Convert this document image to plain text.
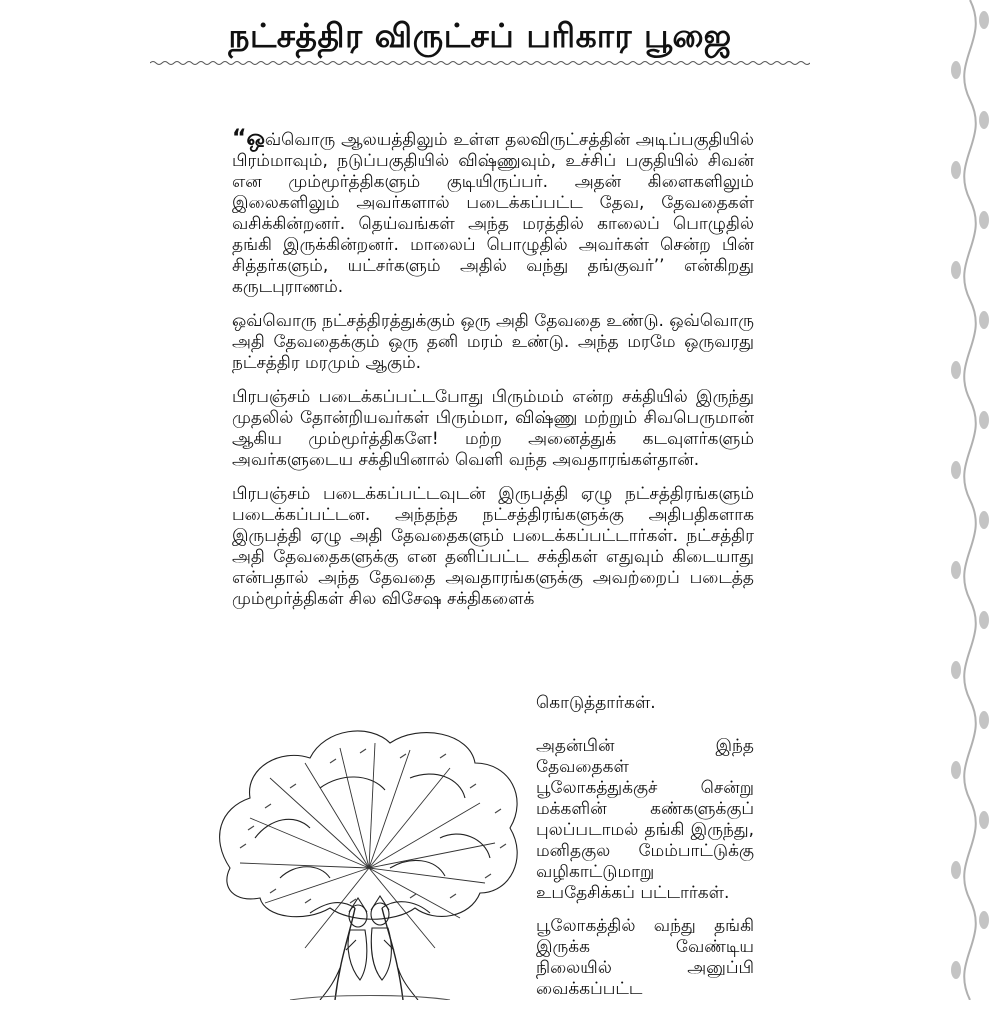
நட்சத்திர விருட்சப் பரிகார பூஜை

“ஒவ்வொரு ஆலயத்திலும் உள்ள தலவிருட்சத்தின் அடிப்பகுதியில் பிரம்மாவும், நடுப்பகுதியில் விஷ்ணுவும், உச்சிப் பகுதியில் சிவன் என மும்மூர்த்திகளும் குடியிருப்பர். அதன் கிளைகளிலும் இலைகளிலும் அவர்களால் படைக்கப்பட்ட தேவ, தேவதைகள் வசிக்கின்றனர். தெய்வங்கள் அந்த மரத்தில் காலைப் பொழுதில் தங்கி இருக்கின்றனர். மாலைப் பொழுதில் அவர்கள் சென்ற பின் சித்தர்களும், யட்சர்களும் அதில் வந்து தங்குவர்’’ என்கிறது கருடபுராணம்.

ஒவ்வொரு நட்சத்திரத்துக்கும் ஒரு அதி தேவதை உண்டு. ஒவ்வொரு அதி தேவதைக்கும் ஒரு தனி மரம் உண்டு. அந்த மரமே ஒருவரது நட்சத்திர மரமும் ஆகும்.

பிரபஞ்சம் படைக்கப்பட்டபோது பிரும்மம் என்ற சக்தியில் இருந்து முதலில் தோன்றியவர்கள் பிரும்மா, விஷ்ணு மற்றும் சிவபெருமான் ஆகிய மும்மூர்த்திகளே! மற்ற அனைத்துக் கடவுளர்களும் அவர்களுடைய சக்தியினால் வெளி வந்த அவதாரங்கள்தான்.

பிரபஞ்சம் படைக்கப்பட்டவுடன் இருபத்தி ஏழு நட்சத்திரங்களும் படைக்கப்பட்டன. அந்தந்த நட்சத்திரங்களுக்கு அதிபதிகளாக இருபத்தி ஏழு அதி தேவதைகளும் படைக்கப்பட்டார்கள். நட்சத்திர அதி தேவதைகளுக்கு என தனிப்பட்ட சக்திகள் எதுவும் கிடையாது என்பதால் அந்த தேவதை அவதாரங்களுக்கு அவற்றைப் படைத்த மும்மூர்த்திகள் சில விசேஷ சக்திகளைக்

கொடுத்தார்கள்.

அதன்பின் இந்த தேவதைகள் பூலோகத்துக்குச் சென்று மக்களின் கண்களுக்குப் புலப்படாமல் தங்கி இருந்து, மனிதகுல மேம்பாட்டுக்கு வழிகாட்டுமாறு உபதேசிக்கப் பட்டார்கள்.

பூலோகத்தில் வந்து தங்கி இருக்க வேண்டிய நிலையில் அனுப்பி வைக்கப்பட்ட
